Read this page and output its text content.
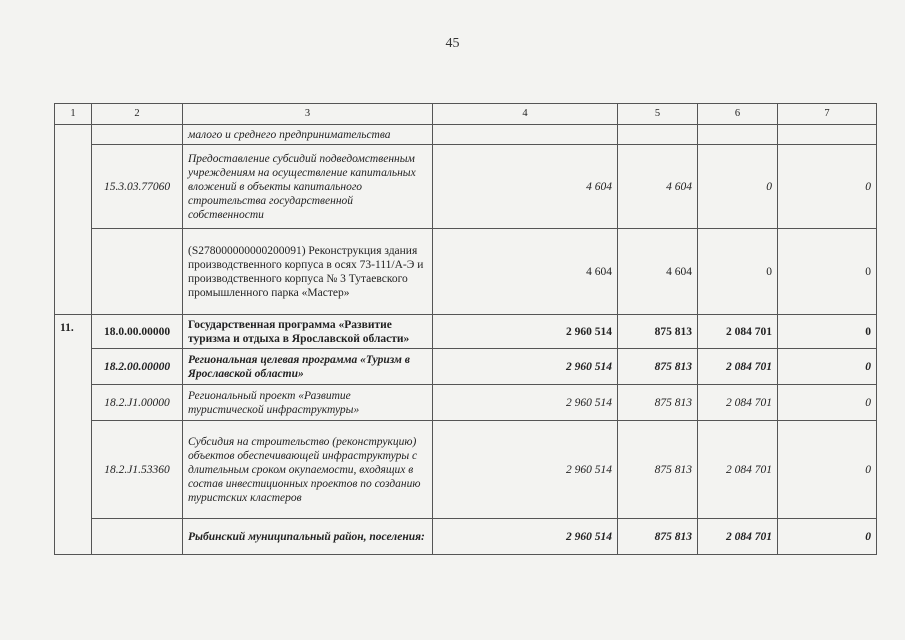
45
1	2	3	4	5	6	7
		малого и среднего предпринимательства				
	15.3.03.77060	Предоставление субсидий подведомственным учреждениям на осуществление капитальных вложений в объекты капитального строительства государственной собственности	4 604	4 604	0	0
		(S278000000000200091) Реконструкция здания производственного корпуса в осях 73-111/А-Э и производственного корпуса № 3 Тутаевского промышленного парка «Мастер»	4 604	4 604	0	0
11.	18.0.00.00000	Государственная программа «Развитие туризма и отдыха в Ярославской области»	2 960 514	875 813	2 084 701	0
	18.2.00.00000	Региональная целевая программа «Туризм в Ярославской области»	2 960 514	875 813	2 084 701	0
	18.2.J1.00000	Региональный проект «Развитие туристической инфраструктуры»	2 960 514	875 813	2 084 701	0
	18.2.J1.53360	Субсидия на строительство (реконструкцию) объектов обеспечивающей инфраструктуры с длительным сроком окупаемости, входящих в состав инвестиционных проектов по созданию туристских кластеров	2 960 514	875 813	2 084 701	0
		Рыбинский муниципальный район, поселения:	2 960 514	875 813	2 084 701	0
